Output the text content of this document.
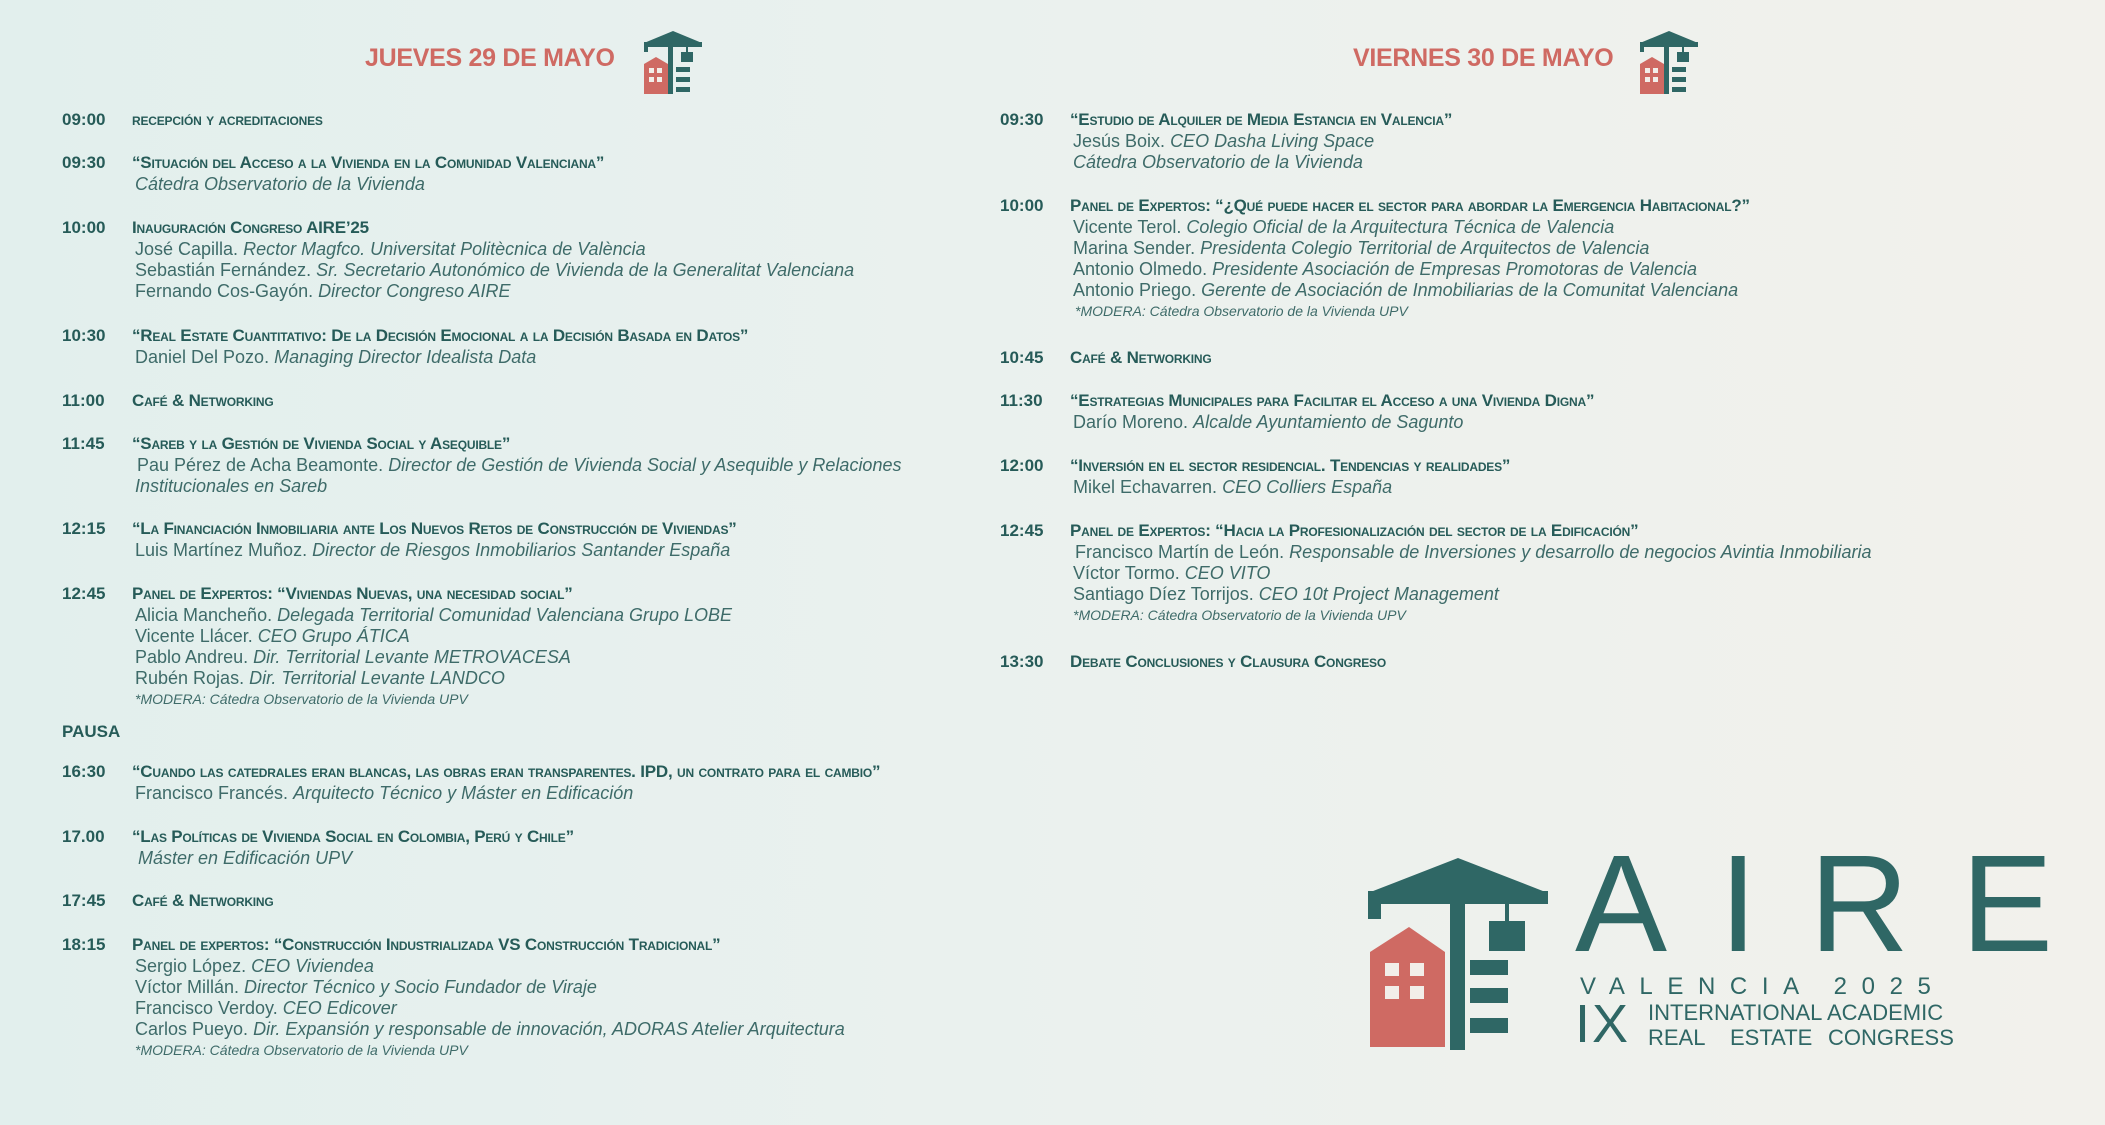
JUEVES 29 DE MAYO
09:00 recepción y acreditaciones
09:30 “Situación del Acceso a la Vivienda en la Comunidad Valenciana”
Cátedra Observatorio de la Vivienda
10:00 Inauguración Congreso AIRE’25
José Capilla. Rector Magfco. Universitat Politècnica de València
Sebastián Fernández. Sr. Secretario Autonómico de Vivienda de la Generalitat Valenciana
Fernando Cos-Gayón. Director Congreso AIRE
10:30 “Real Estate Cuantitativo: De la Decisión Emocional a la Decisión Basada en Datos”
Daniel Del Pozo. Managing Director Idealista Data
11:00 Café & Networking
11:45 “Sareb y la Gestión de Vivienda Social y Asequible”
Pau Pérez de Acha Beamonte. Director de Gestión de Vivienda Social y Asequible y Relaciones
Institucionales en Sareb
12:15 “La Financiación Inmobiliaria ante Los Nuevos Retos de Construcción de Viviendas”
Luis Martínez Muñoz. Director de Riesgos Inmobiliarios Santander España
12:45 Panel de Expertos: “Viviendas Nuevas, una necesidad social”
Alicia Mancheño. Delegada Territorial Comunidad Valenciana Grupo LOBE
Vicente Llácer. CEO Grupo ÁTICA
Pablo Andreu. Dir. Territorial Levante METROVACESA
Rubén Rojas. Dir. Territorial Levante LANDCO
*MODERA: Cátedra Observatorio de la Vivienda UPV
PAUSA
16:30 “Cuando las catedrales eran blancas, las obras eran transparentes. IPD, un contrato para el cambio”
Francisco Francés. Arquitecto Técnico y Máster en Edificación
17.00 “Las Políticas de Vivienda Social en Colombia, Perú y Chile”
Máster en Edificación UPV
17:45 Café & Networking
18:15 Panel de expertos: “Construcción Industrializada VS Construcción Tradicional”
Sergio López. CEO Viviendea
Víctor Millán. Director Técnico y Socio Fundador de Viraje
Francisco Verdoy. CEO Edicover
Carlos Pueyo. Dir. Expansión y responsable de innovación, ADORAS Atelier Arquitectura
*MODERA: Cátedra Observatorio de la Vivienda UPV
VIERNES 30 DE MAYO
09:30 “Estudio de Alquiler de Media Estancia en Valencia”
Jesús Boix. CEO Dasha Living Space
Cátedra Observatorio de la Vivienda
10:00 Panel de Expertos: “¿Qué puede hacer el sector para abordar la Emergencia Habitacional?”
Vicente Terol. Colegio Oficial de la Arquitectura Técnica de Valencia
Marina Sender. Presidenta Colegio Territorial de Arquitectos de Valencia
Antonio Olmedo. Presidente Asociación de Empresas Promotoras de Valencia
Antonio Priego. Gerente de Asociación de Inmobiliarias de la Comunitat Valenciana
*MODERA: Cátedra Observatorio de la Vivienda UPV
10:45 Café & Networking
11:30 “Estrategias Municipales para Facilitar el Acceso a una Vivienda Digna”
Darío Moreno. Alcalde Ayuntamiento de Sagunto
12:00 “Inversión en el sector residencial. Tendencias y realidades”
Mikel Echavarren. CEO Colliers España
12:45 Panel de Expertos: “Hacia la Profesionalización del sector de la Edificación”
Francisco Martín de León. Responsable de Inversiones y desarrollo de negocios Avintia Inmobiliaria
Víctor Tormo. CEO VITO
Santiago Díez Torrijos. CEO 10t Project Management
*MODERA: Cátedra Observatorio de la Vivienda UPV
13:30 Debate Conclusiones y Clausura Congreso
AIRE
VALENCIA 2025
IX INTERNATIONAL ACADEMIC
REAL ESTATE CONGRESS
